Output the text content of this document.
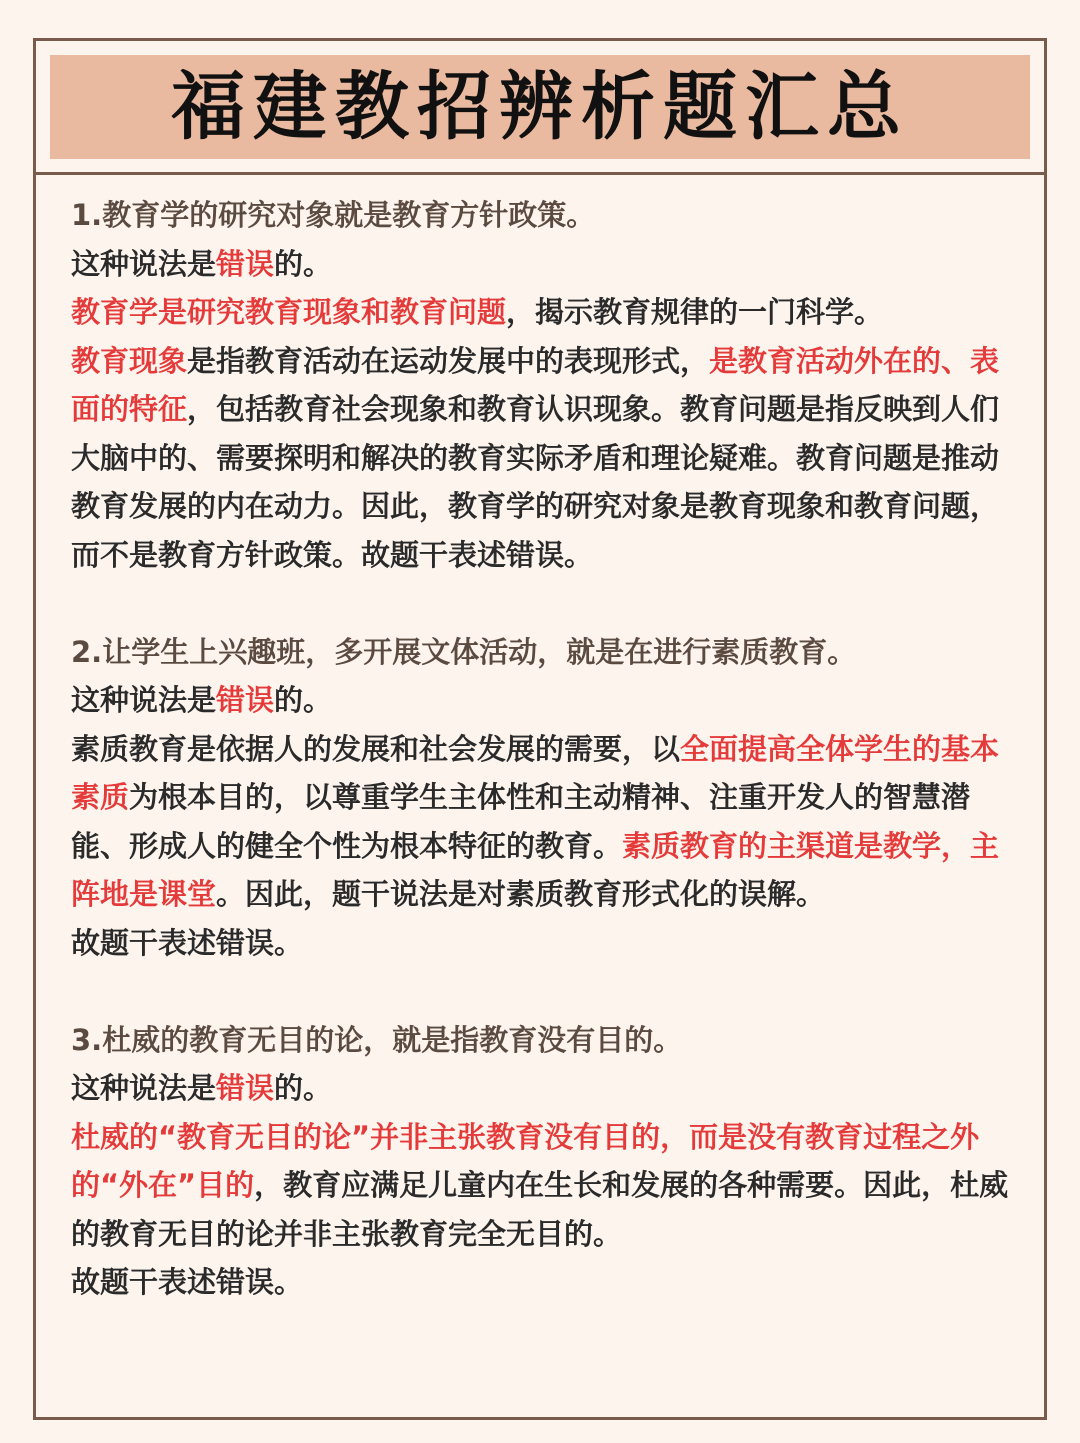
福建教招辨析题汇总

1.教育学的研究对象就是教育方针政策。

这种说法是错误的。

教育学是研究教育现象和教育问题，揭示教育规律的一门科学。
教育现象是指教育活动在运动发展中的表现形式，是教育活动外在的、表面的特征，包括教育社会现象和教育认识现象。教育问题是指反映到人们大脑中的、需要探明和解决的教育实际矛盾和理论疑难。教育问题是推动教育发展的内在动力。因此，教育学的研究对象是教育现象和教育问题，而不是教育方针政策。故题干表述错误。

2.让学生上兴趣班，多开展文体活动，就是在进行素质教育。

这种说法是错误的。

素质教育是依据人的发展和社会发展的需要，以全面提高全体学生的基本素质为根本目的，以尊重学生主体性和主动精神、注重开发人的智慧潜能、形成人的健全个性为根本特征的教育。素质教育的主渠道是教学，主阵地是课堂。因此，题干说法是对素质教育形式化的误解。

故题干表述错误。

3.杜威的教育无目的论，就是指教育没有目的。

这种说法是错误的。

杜威的“教育无目的论”并非主张教育没有目的，而是没有教育过程之外的“外在”目的，教育应满足儿童内在生长和发展的各种需要。因此，杜威的教育无目的论并非主张教育完全无目的。

故题干表述错误。
